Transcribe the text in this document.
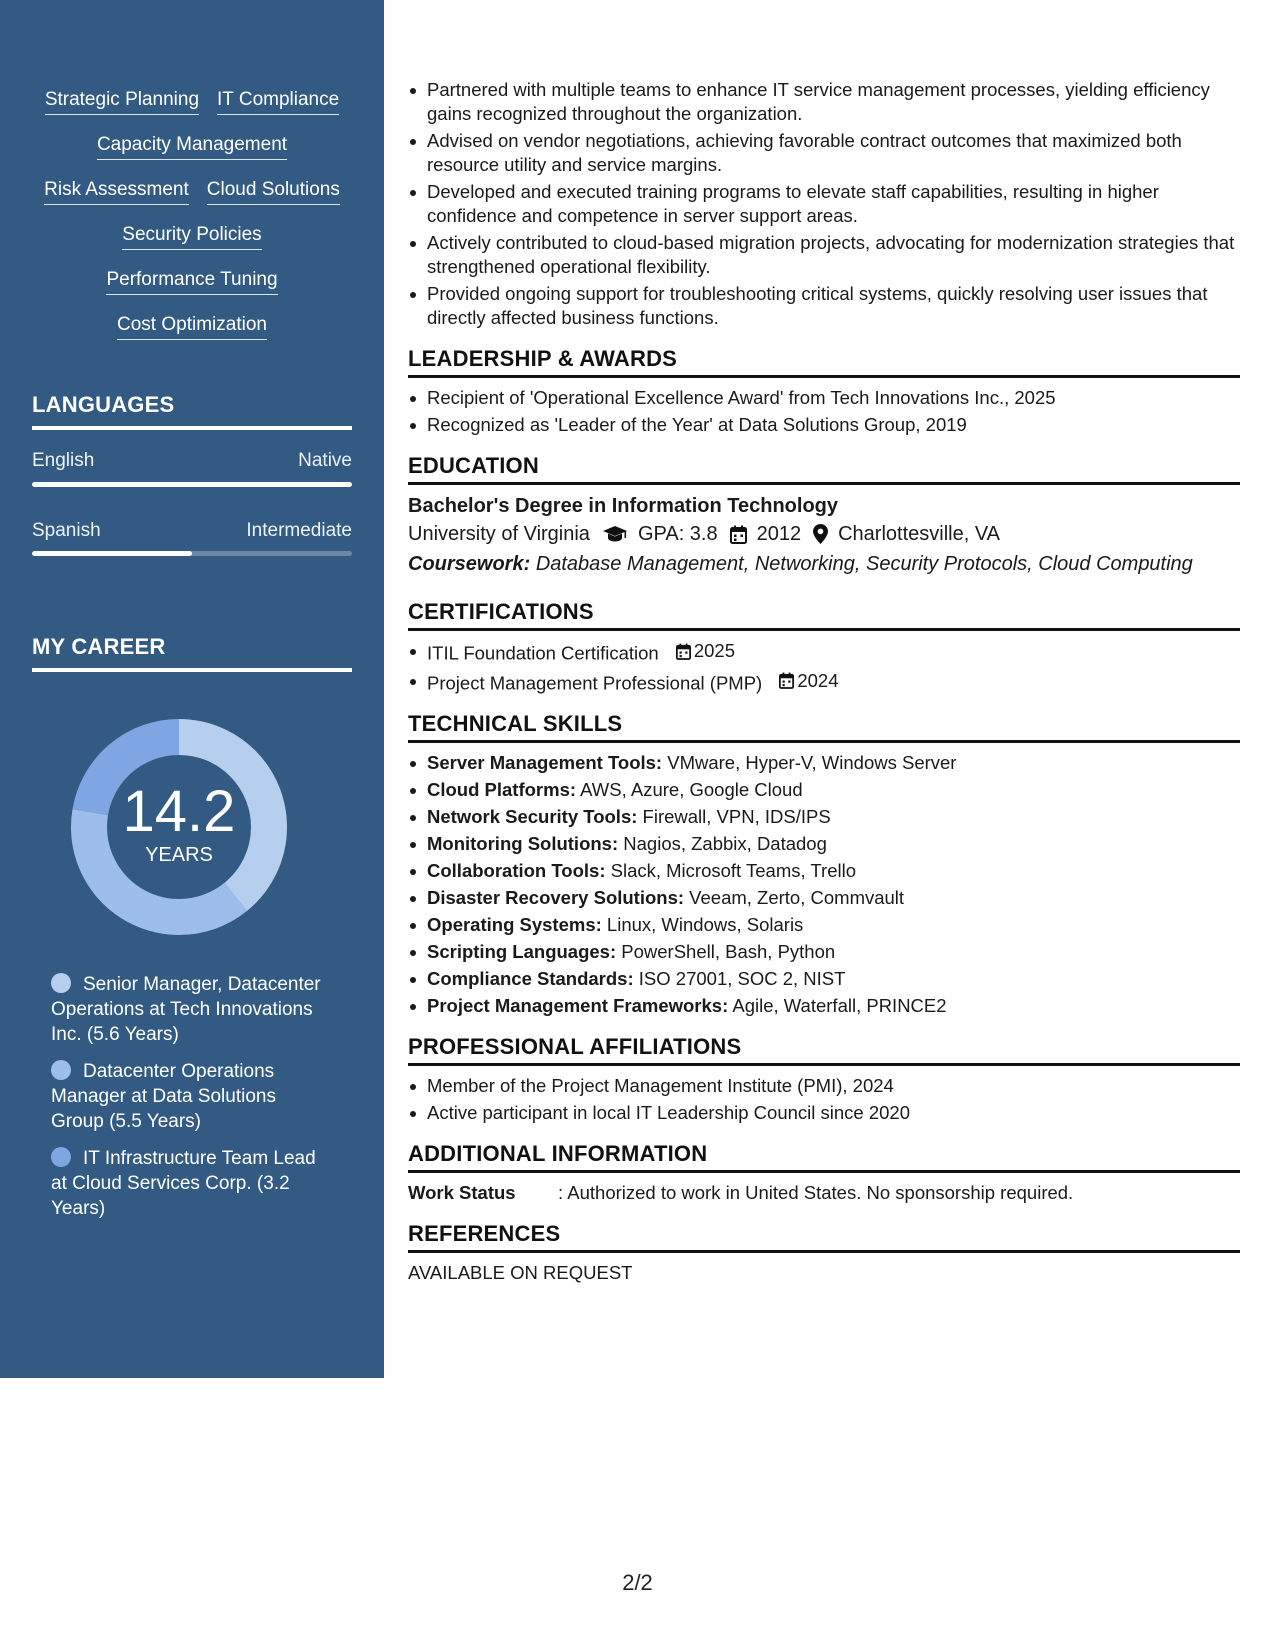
Strategic Planning IT Compliance
Capacity Management
Risk Assessment Cloud Solutions
Security Policies
Performance Tuning
Cost Optimization
LANGUAGES
English	Native
Spanish	Intermediate
MY CAREER
14.2
YEARS
Senior Manager, Datacenter Operations at Tech Innovations Inc. (5.6 Years)
Datacenter Operations Manager at Data Solutions Group (5.5 Years)
IT Infrastructure Team Lead at Cloud Services Corp. (3.2 Years)
Partnered with multiple teams to enhance IT service management processes, yielding efficiency gains recognized throughout the organization.
Advised on vendor negotiations, achieving favorable contract outcomes that maximized both resource utility and service margins.
Developed and executed training programs to elevate staff capabilities, resulting in higher confidence and competence in server support areas.
Actively contributed to cloud-based migration projects, advocating for modernization strategies that strengthened operational flexibility.
Provided ongoing support for troubleshooting critical systems, quickly resolving user issues that directly affected business functions.
LEADERSHIP & AWARDS
Recipient of 'Operational Excellence Award' from Tech Innovations Inc., 2025
Recognized as 'Leader of the Year' at Data Solutions Group, 2019
EDUCATION
Bachelor's Degree in Information Technology
University of Virginia GPA: 3.8 2012 Charlottesville, VA
Coursework: Database Management, Networking, Security Protocols, Cloud Computing
CERTIFICATIONS
ITIL Foundation Certification 2025
Project Management Professional (PMP) 2024
TECHNICAL SKILLS
Server Management Tools: VMware, Hyper-V, Windows Server
Cloud Platforms: AWS, Azure, Google Cloud
Network Security Tools: Firewall, VPN, IDS/IPS
Monitoring Solutions: Nagios, Zabbix, Datadog
Collaboration Tools: Slack, Microsoft Teams, Trello
Disaster Recovery Solutions: Veeam, Zerto, Commvault
Operating Systems: Linux, Windows, Solaris
Scripting Languages: PowerShell, Bash, Python
Compliance Standards: ISO 27001, SOC 2, NIST
Project Management Frameworks: Agile, Waterfall, PRINCE2
PROFESSIONAL AFFILIATIONS
Member of the Project Management Institute (PMI), 2024
Active participant in local IT Leadership Council since 2020
ADDITIONAL INFORMATION
Work Status	: Authorized to work in United States. No sponsorship required.
REFERENCES
AVAILABLE ON REQUEST
2/2
